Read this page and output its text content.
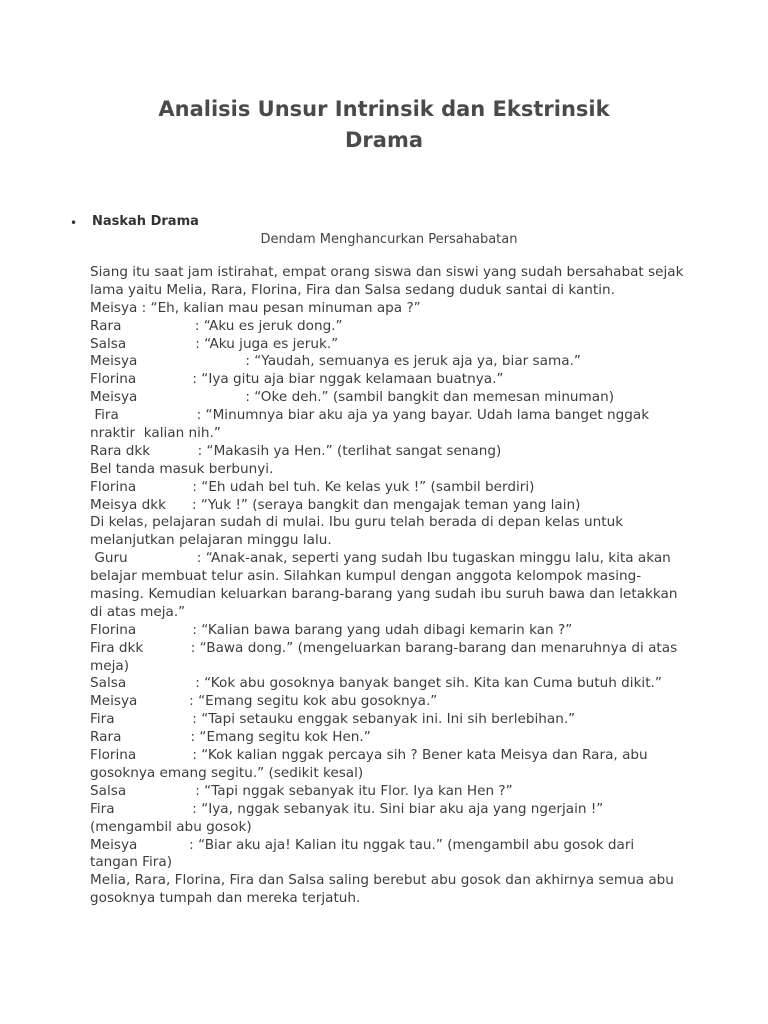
Analisis Unsur Intrinsik dan Ekstrinsik
Drama
• Naskah Drama
Dendam Menghancurkan Persahabatan
Siang itu saat jam istirahat, empat orang siswa dan siswi yang sudah bersahabat sejak
lama yaitu Melia, Rara, Florina, Fira dan Salsa sedang duduk santai di kantin.
Meisya : “Eh, kalian mau pesan minuman apa ?”
Rara                 : “Aku es jeruk dong.”
Salsa                : “Aku juga es jeruk.”
Meisya                         : “Yaudah, semuanya es jeruk aja ya, biar sama.”
Florina             : “Iya gitu aja biar nggak kelamaan buatnya.”
Meisya                         : “Oke deh.” (sambil bangkit dan memesan minuman)
Fira                  : “Minumnya biar aku aja ya yang bayar. Udah lama banget nggak
nraktir  kalian nih.”
Rara dkk           : “Makasih ya Hen.” (terlihat sangat senang)
Bel tanda masuk berbunyi.
Florina             : “Eh udah bel tuh. Ke kelas yuk !” (sambil berdiri)
Meisya dkk      : “Yuk !” (seraya bangkit dan mengajak teman yang lain)
Di kelas, pelajaran sudah di mulai. Ibu guru telah berada di depan kelas untuk
melanjutkan pelajaran minggu lalu.
Guru                : “Anak-anak, seperti yang sudah Ibu tugaskan minggu lalu, kita akan
belajar membuat telur asin. Silahkan kumpul dengan anggota kelompok masing-
masing. Kemudian keluarkan barang-barang yang sudah ibu suruh bawa dan letakkan
di atas meja.”
Florina             : “Kalian bawa barang yang udah dibagi kemarin kan ?”
Fira dkk           : “Bawa dong.” (mengeluarkan barang-barang dan menaruhnya di atas
meja)
Salsa                : “Kok abu gosoknya banyak banget sih. Kita kan Cuma butuh dikit.”
Meisya            : “Emang segitu kok abu gosoknya.”
Fira                  : “Tapi setauku enggak sebanyak ini. Ini sih berlebihan.”
Rara                : “Emang segitu kok Hen.”
Florina             : “Kok kalian nggak percaya sih ? Bener kata Meisya dan Rara, abu
gosoknya emang segitu.” (sedikit kesal)
Salsa                : “Tapi nggak sebanyak itu Flor. Iya kan Hen ?”
Fira                  : “Iya, nggak sebanyak itu. Sini biar aku aja yang ngerjain !”
(mengambil abu gosok)
Meisya            : “Biar aku aja! Kalian itu nggak tau.” (mengambil abu gosok dari
tangan Fira)
Melia, Rara, Florina, Fira dan Salsa saling berebut abu gosok dan akhirnya semua abu
gosoknya tumpah dan mereka terjatuh.
